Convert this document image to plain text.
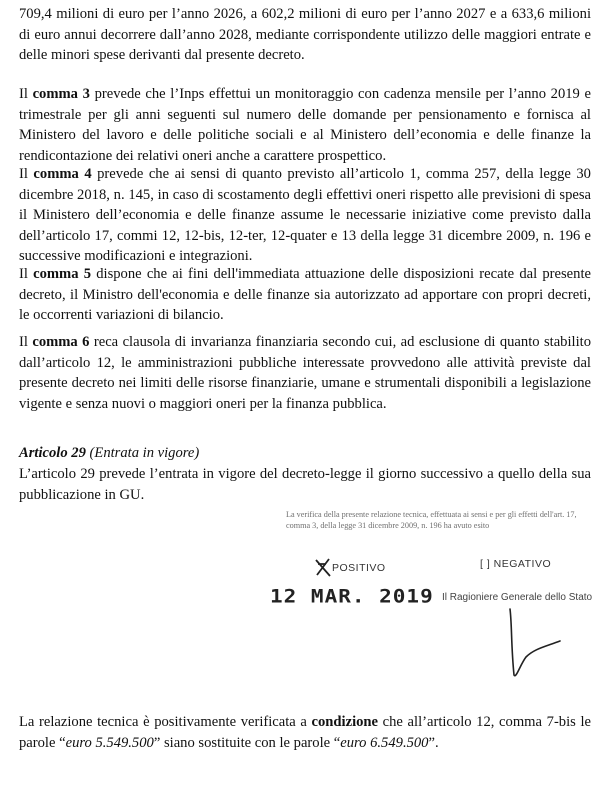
709,4 milioni di euro per l’anno 2026, a 602,2 milioni di euro per l’anno 2027 e a 633,6 milioni di euro annui decorrere dall’anno 2028, mediante corrispondente utilizzo delle maggiori entrate e delle minori spese derivanti dal presente decreto.

Il comma 3 prevede che l’Inps effettui un monitoraggio con cadenza mensile per l’anno 2019 e trimestrale per gli anni seguenti sul numero delle domande per pensionamento e fornisca al Ministero del lavoro e delle politiche sociali e al Ministero dell’economia e delle finanze la rendicontazione dei relativi oneri anche a carattere prospettico.

Il comma 4 prevede che ai sensi di quanto previsto all’articolo 1, comma 257, della legge 30 dicembre 2018, n. 145, in caso di scostamento degli effettivi oneri rispetto alle previsioni di spesa il Ministero dell’economia e delle finanze assume le necessarie iniziative come previsto dalla dell’articolo 17, commi 12, 12-bis, 12-ter, 12-quater e 13 della legge 31 dicembre 2009, n. 196 e successive modificazioni e integrazioni.

Il comma 5 dispone che ai fini dell'immediata attuazione delle disposizioni recate dal presente decreto, il Ministro dell'economia e delle finanze sia autorizzato ad apportare con propri decreti, le occorrenti variazioni di bilancio.

Il comma 6 reca clausola di invarianza finanziaria secondo cui, ad esclusione di quanto stabilito dall’articolo 12, le amministrazioni pubbliche interessate provvedono alle attività previste dal presente decreto nei limiti delle risorse finanziarie, umane e strumentali disponibili a legislazione vigente e senza nuovi o maggiori oneri per la finanza pubblica.

Articolo 29 (Entrata in vigore)

L’articolo 29 prevede l’entrata in vigore del decreto-legge il giorno successivo a quello della sua pubblicazione in GU.

La verifica della presente relazione tecnica, effettuata ai sensi e per gli effetti dell'art. 17, comma 3, della legge 31 dicembre 2009, n. 196 ha avuto esito
POSITIVO	[ ] NEGATIVO
12 MAR. 2019 Il Ragioniere Generale dello Stato

La relazione tecnica è positivamente verificata a condizione che all’articolo 12, comma 7-bis le parole “euro 5.549.500” siano sostituite con le parole “euro 6.549.500”.
